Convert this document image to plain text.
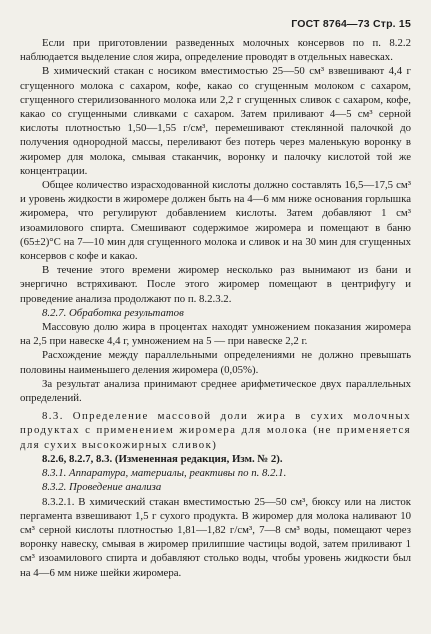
ГОСТ 8764—73 Стр. 15

Если при приготовлении разведенных молочных консервов по п. 8.2.2 наблюдается выделение слоя жира, определение проводят в отдельных навесках.

В химический стакан с носиком вместимостью 25—50 см³ взвешивают 4,4 г сгущенного молока с сахаром, кофе, какао со сгущенным молоком с сахаром, сгущенного стерилизованного молока или 2,2 г сгущенных сливок с сахаром, кофе, какао со сгущенными сливками с сахаром. Затем приливают 4—5 см³ серной кислоты плотностью 1,50—1,55 г/см³, перемешивают стеклянной палочкой до получения однородной массы, переливают без потерь через маленькую воронку в жиромер для молока, смывая стаканчик, воронку и палочку кислотой той же концентрации.

Общее количество израсходованной кислоты должно составлять 16,5—17,5 см³ и уровень жидкости в жиромере должен быть на 4—6 мм ниже основания горлышка жиромера, что регулируют добавлением кислоты. Затем добавляют 1 см³ изоамилового спирта. Смешивают содержимое жиромера и помещают в баню (65±2)°С на 7—10 мин для сгущенного молока и сливок и на 30 мин для сгущенных консервов с кофе и какао.

В течение этого времени жиромер несколько раз вынимают из бани и энергично встряхивают. После этого жиромер помещают в центрифугу и проведение анализа продолжают по п. 8.2.3.2.

8.2.7. Обработка результатов

Массовую долю жира в процентах находят умножением показания жиромера на 2,5 при навеске 4,4 г, умножением на 5 — при навеске 2,2 г.

Расхождение между параллельными определениями не должно превышать половины наименьшего деления жиромера (0,05%).

За результат анализа принимают среднее арифметическое двух параллельных определений.

8.3. Определение массовой доли жира в сухих молочных продуктах с применением жиромера для молока (не применяется для сухих высокожирных сливок)

8.2.6, 8.2.7, 8.3. (Измененная редакция, Изм. № 2).

8.3.1. Аппаратура, материалы, реактивы по п. 8.2.1.

8.3.2. Проведение анализа

8.3.2.1. В химический стакан вместимостью 25—50 см³, бюксу или на листок пергамента взвешивают 1,5 г сухого продукта. В жиромер для молока наливают 10 см³ серной кислоты плотностью 1,81—1,82 г/см³, 7—8 см³ воды, помещают через воронку навеску, смывая в жиромер прилипшие частицы водой, затем приливают 1 см³ изоамилового спирта и добавляют столько воды, чтобы уровень жидкости был на 4—6 мм ниже шейки жиромера.
